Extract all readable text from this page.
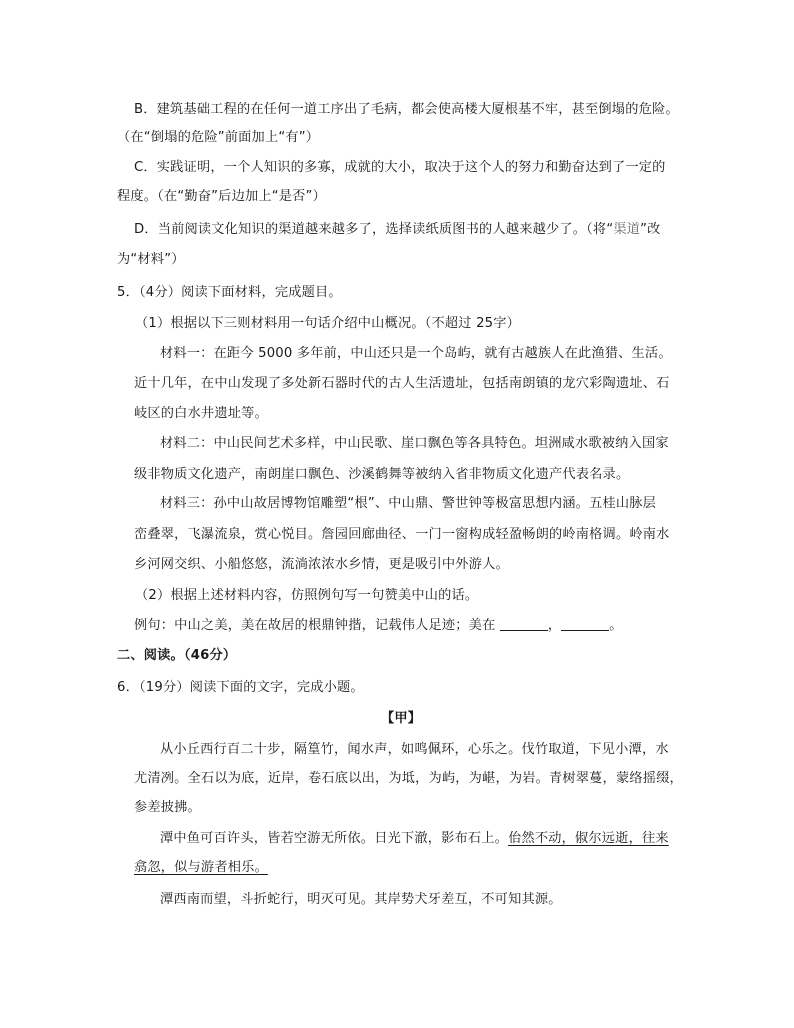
B．建筑基础工程的在任何一道工序出了毛病，都会使高楼大厦根基不牢，甚至倒塌的危险。
（在“倒塌的危险”前面加上“有”）
C．实践证明，一个人知识的多寡，成就的大小，取决于这个人的努力和勤奋达到了一定的
程度。（在“勤奋”后边加上“是否”）
D．当前阅读文化知识的渠道越来越多了，选择读纸质图书的人越来越少了。（将“渠道”改
为“材料”）
5．（4分）阅读下面材料，完成题目。
（1）根据以下三则材料用一句话介绍中山概况。（不超过 25字）
材料一：在距今 5000 多年前，中山还只是一个岛屿，就有古越族人在此渔猎、生活。
近十几年，在中山发现了多处新石器时代的古人生活遗址，包括南朗镇的龙穴彩陶遗址、石
岐区的白水井遗址等。
材料二：中山民间艺术多样，中山民歌、崖口飘色等各具特色。坦洲咸水歌被纳入国家
级非物质文化遗产，南朗崖口飘色、沙溪鹤舞等被纳入省非物质文化遗产代表名录。
材料三：孙中山故居博物馆雕塑“根”、中山鼎、警世钟等极富思想内涵。五桂山脉层
峦叠翠，飞瀑流泉，赏心悦目。詹园回廊曲径、一门一窗构成轻盈畅朗的岭南格调。岭南水
乡河网交织、小船悠悠，流淌浓浓水乡情，更是吸引中外游人。
（2）根据上述材料内容，仿照例句写一句赞美中山的话。
例句：中山之美，美在故居的根鼎钟揩，记载伟人足迹；美在	，	。
二、阅读。（46分）
6．（19分）阅读下面的文字，完成小题。
【甲】
从小丘西行百二十步，隔篁竹，闻水声，如鸣佩环，心乐之。伐竹取道，下见小潭，水
尤清冽。全石以为底，近岸，卷石底以出，为坻，为屿，为嵁，为岩。青树翠蔓，蒙络摇缀，
参差披拂。
潭中鱼可百许头，皆若空游无所依。日光下澈，影布石上。佁然不动，俶尔远逝，往来
翕忽，似与游者相乐。
潭西南而望，斗折蛇行，明灭可见。其岸势犬牙差互，不可知其源。
